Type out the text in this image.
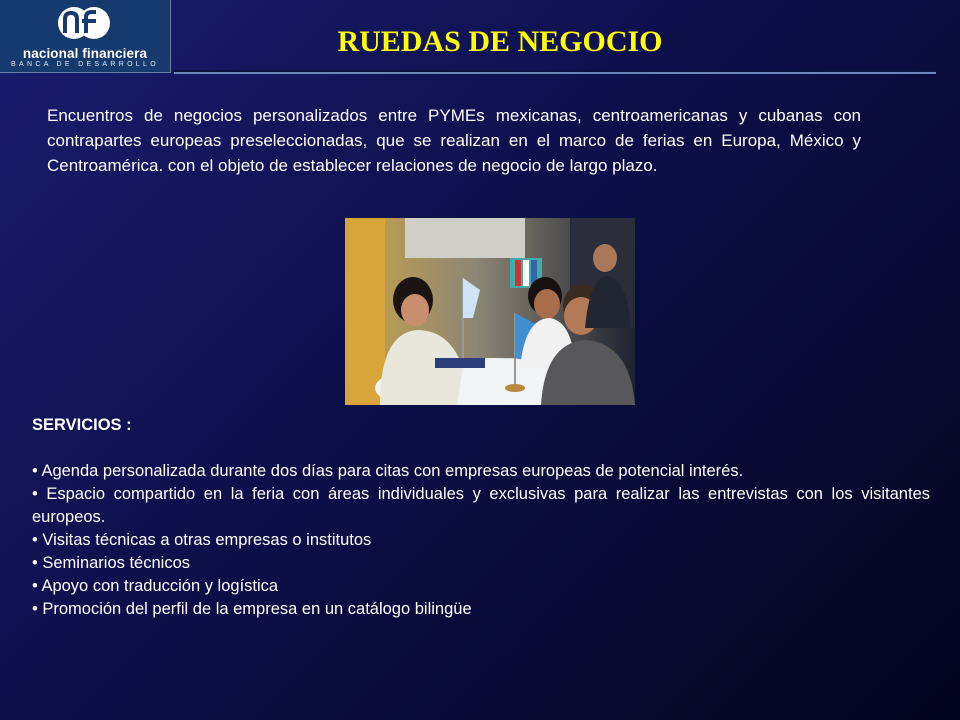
nacional financiera
BANCA DE DESARROLLO
RUEDAS DE NEGOCIO

Encuentros de negocios personalizados entre PYMEs mexicanas, centroamericanas y cubanas con contrapartes europeas preseleccionadas, que se realizan en el marco de ferias en Europa, México y Centroamérica. con el objeto de establecer relaciones de negocio de largo plazo.

SERVICIOS :
• Agenda personalizada durante dos días para citas con empresas europeas de potencial interés.
• Espacio compartido en la feria con áreas individuales y exclusivas para realizar las entrevistas con los visitantes europeos.
• Visitas técnicas a otras empresas o institutos
• Seminarios técnicos
• Apoyo con traducción y logística
• Promoción del perfil de la empresa en un catálogo bilingüe
